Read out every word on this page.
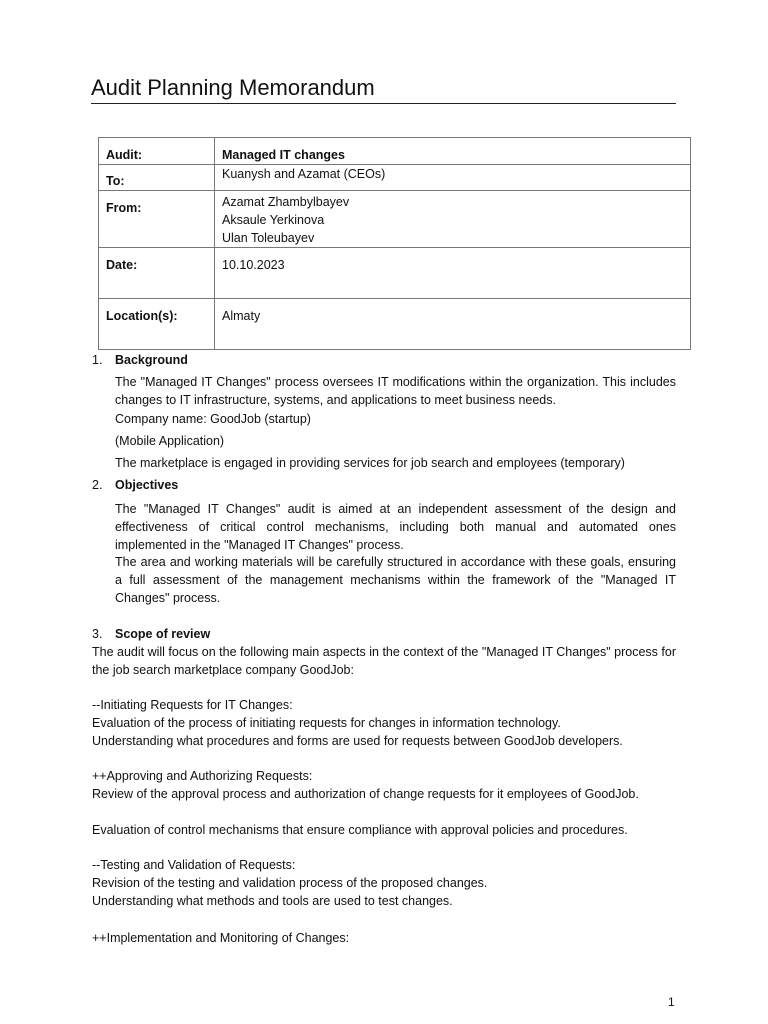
Audit Planning Memorandum
Audit:	Managed IT changes
To:	Kuanysh and Azamat (CEOs)
From:	Azamat Zhambylbayev
Aksaule Yerkinova
Ulan Toleubayev

Date:	10.10.2023
Location(s):	Almaty
1. Background
The "Managed IT Changes" process oversees IT modifications within the organization. This includes changes to IT infrastructure, systems, and applications to meet business needs.
Company name: GoodJob (startup)
(Mobile Application)
The marketplace is engaged in providing services for job search and employees (temporary)
2. Objectives
The "Managed IT Changes" audit is aimed at an independent assessment of the design and effectiveness of critical control mechanisms, including both manual and automated ones implemented in the "Managed IT Changes" process.
The area and working materials will be carefully structured in accordance with these goals, ensuring a full assessment of the management mechanisms within the framework of the "Managed IT Changes" process.
3. Scope of review
The audit will focus on the following main aspects in the context of the "Managed IT Changes" process for the job search marketplace company GoodJob:
--Initiating Requests for IT Changes:
Evaluation of the process of initiating requests for changes in information technology.
Understanding what procedures and forms are used for requests between GoodJob developers.
++Approving and Authorizing Requests:
Review of the approval process and authorization of change requests for it employees of GoodJob.
Evaluation of control mechanisms that ensure compliance with approval policies and procedures.
--Testing and Validation of Requests:
Revision of the testing and validation process of the proposed changes.
Understanding what methods and tools are used to test changes.
++Implementation and Monitoring of Changes:
1
